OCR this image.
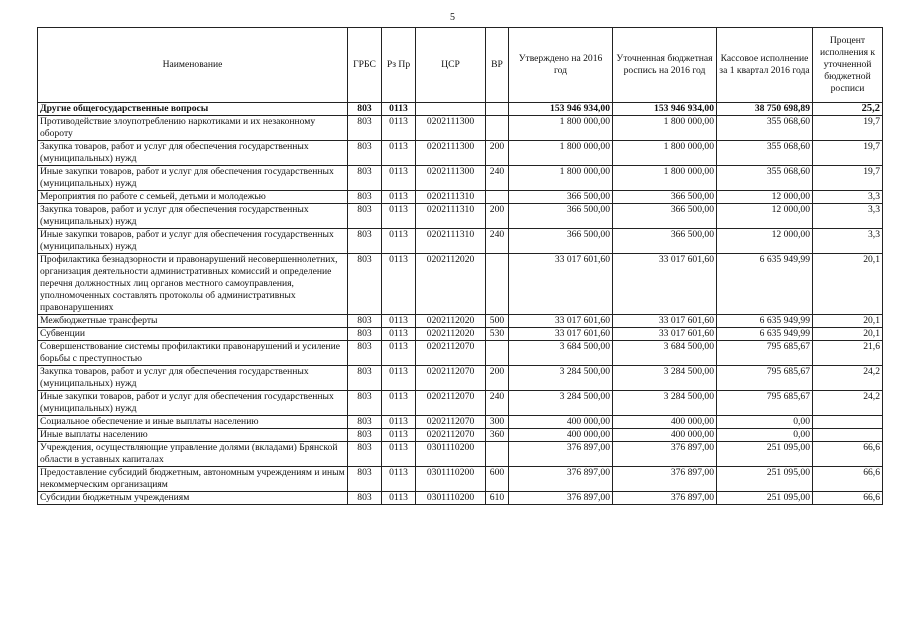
5
Наименование	ГРБС	Рз Пр	ЦСР	ВР	Утверждено на 2016 год	Уточненная бюджетная роспись на 2016 год	Кассовое исполнение за 1 квартал 2016 года	Процент исполнения к уточненной бюджетной росписи
Другие общегосударственные вопросы	803	0113			153 946 934,00	153 946 934,00	38 750 698,89	25,2
Противодействие злоупотреблению наркотиками и их незаконному обороту	803	0113	0202111300		1 800 000,00	1 800 000,00	355 068,60	19,7
Закупка товаров, работ и услуг для обеспечения государственных (муниципальных) нужд	803	0113	0202111300	200	1 800 000,00	1 800 000,00	355 068,60	19,7
Иные закупки товаров, работ и услуг для обеспечения государственных (муниципальных) нужд	803	0113	0202111300	240	1 800 000,00	1 800 000,00	355 068,60	19,7
Мероприятия по работе с семьей, детьми и молодежью	803	0113	0202111310		366 500,00	366 500,00	12 000,00	3,3
Закупка товаров, работ и услуг для обеспечения государственных (муниципальных) нужд	803	0113	0202111310	200	366 500,00	366 500,00	12 000,00	3,3
Иные закупки товаров, работ и услуг для обеспечения государственных (муниципальных) нужд	803	0113	0202111310	240	366 500,00	366 500,00	12 000,00	3,3
Профилактика безнадзорности и правонарушений несовершеннолетних, организация деятельности административных комиссий и определение перечня должностных лиц органов местного самоуправления, уполномоченных составлять протоколы об административных правонарушениях	803	0113	0202112020		33 017 601,60	33 017 601,60	6 635 949,99	20,1
Межбюджетные трансферты	803	0113	0202112020	500	33 017 601,60	33 017 601,60	6 635 949,99	20,1
Субвенции	803	0113	0202112020	530	33 017 601,60	33 017 601,60	6 635 949,99	20,1
Совершенствование системы профилактики правонарушений и усиление борьбы с преступностью	803	0113	0202112070		3 684 500,00	3 684 500,00	795 685,67	21,6
Закупка товаров, работ и услуг для обеспечения государственных (муниципальных) нужд	803	0113	0202112070	200	3 284 500,00	3 284 500,00	795 685,67	24,2
Иные закупки товаров, работ и услуг для обеспечения государственных (муниципальных) нужд	803	0113	0202112070	240	3 284 500,00	3 284 500,00	795 685,67	24,2
Социальное обеспечение и иные выплаты населению	803	0113	0202112070	300	400 000,00	400 000,00	0,00	
Иные выплаты населению	803	0113	0202112070	360	400 000,00	400 000,00	0,00	
Учреждения, осуществляющие управление долями (вкладами) Брянской области в уставных капиталах	803	0113	0301110200		376 897,00	376 897,00	251 095,00	66,6
Предоставление субсидий бюджетным, автономным учреждениям и иным некоммерческим организациям	803	0113	0301110200	600	376 897,00	376 897,00	251 095,00	66,6
Субсидии бюджетным учреждениям	803	0113	0301110200	610	376 897,00	376 897,00	251 095,00	66,6
